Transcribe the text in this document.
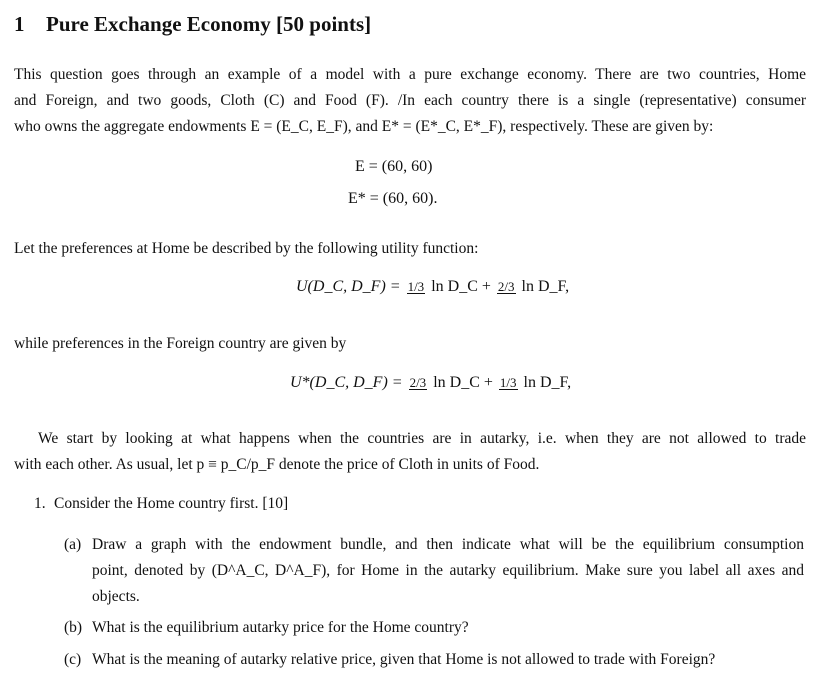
1 Pure Exchange Economy [50 points]
This question goes through an example of a model with a pure exchange economy. There are two countries, Home
and Foreign, and two goods, Cloth (C) and Food (F). /In each country there is a single (representative) consumer
who owns the aggregate endowments E = (E_C, E_F), and E* = (E*_C, E*_F), respectively. These are given by:
E = (60, 60)
E* = (60, 60).
Let the preferences at Home be described by the following utility function:
U(D_C, D_F) = 1/3 ln D_C + 2/3 ln D_F,
while preferences in the Foreign country are given by
U*(D_C, D_F) = 2/3 ln D_C + 1/3 ln D_F,
We start by looking at what happens when the countries are in autarky, i.e. when they are not allowed to trade
with each other. As usual, let p ≡ p_C/p_F denote the price of Cloth in units of Food.
1. Consider the Home country first. [10]
(a) Draw a graph with the endowment bundle, and then indicate what will be the equilibrium consumption
point, denoted by (D^A_C, D^A_F), for Home in the autarky equilibrium. Make sure you label all axes and
objects.
(b) What is the equilibrium autarky price for the Home country?
(c) What is the meaning of autarky relative price, given that Home is not allowed to trade with Foreign?
